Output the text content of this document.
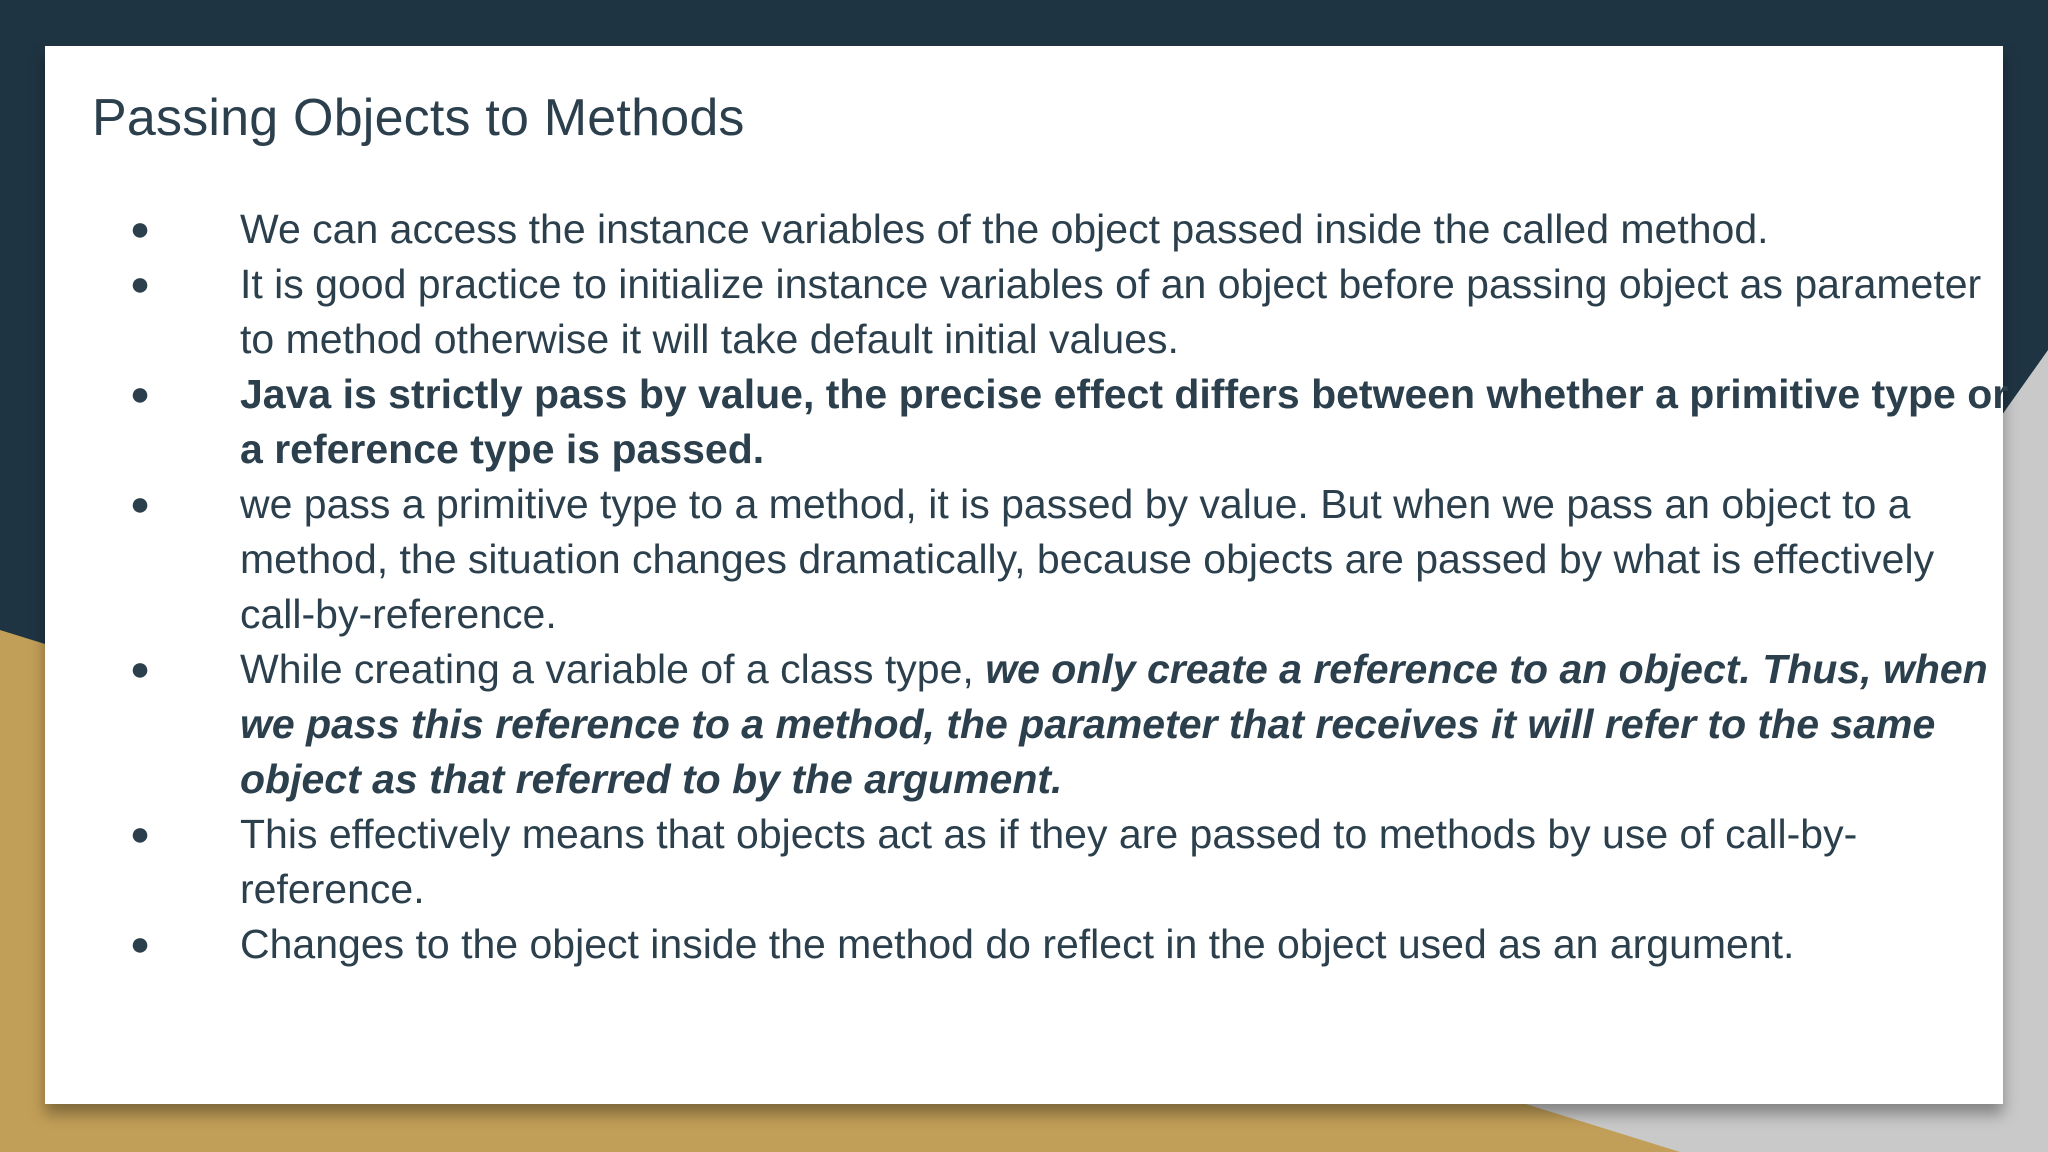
Passing Objects to Methods
● We can access the instance variables of the object passed inside the called method.
● It is good practice to initialize instance variables of an object before passing object as parameter to method otherwise it will take default initial values.
● Java is strictly pass by value, the precise effect differs between whether a primitive type or a reference type is passed.
● we pass a primitive type to a method, it is passed by value. But when we pass an object to a method, the situation changes dramatically, because objects are passed by what is effectively call-by-reference.
● While creating a variable of a class type, we only create a reference to an object. Thus, when we pass this reference to a method, the parameter that receives it will refer to the same object as that referred to by the argument.
● This effectively means that objects act as if they are passed to methods by use of call-by-reference.
● Changes to the object inside the method do reflect in the object used as an argument.
